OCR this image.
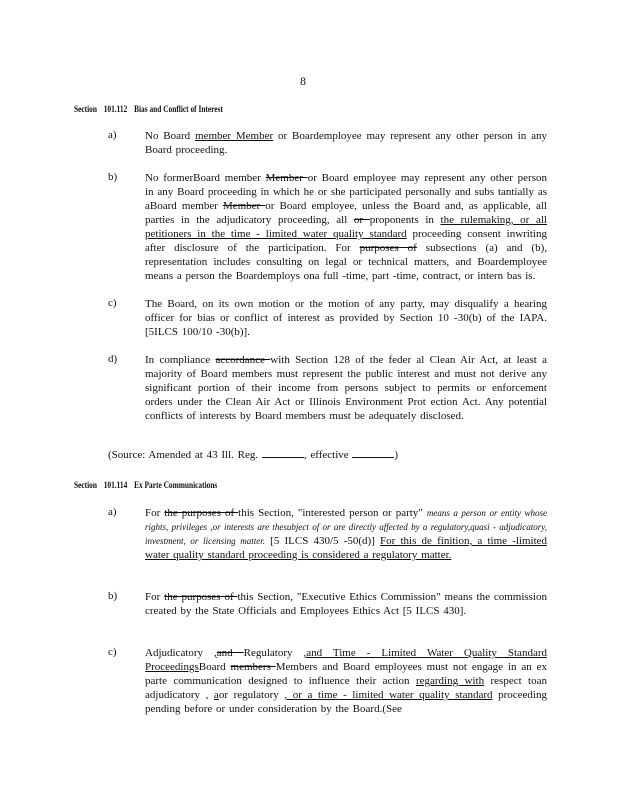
8
Section 101.112 Bias and Conflict of Interest
a)	No Board member Member or Boardemployee may represent any other person in any Board proceeding.
b)	No formerBoard member Member or Board employee may represent any other person in any Board proceeding in which he or she participated personally and subs tantially as aBoard member Member or Board employee, unless the Board and, as applicable, all parties in the adjudicatory proceeding, all or proponents in the rulemaking, or all petitioners in the time - limited water quality standard proceeding consent inwriting after disclosure of the participation. For purposes of subsections (a) and (b), representation includes consulting on legal or technical matters, and Boardemployee means a person the Boardemploys ona full -time, part -time, contract, or intern bas is.
c)	The Board, on its own motion or the motion of any party, may disqualify a hearing officer for bias or conflict of interest as provided by Section 10 -30(b) of the IAPA. [5ILCS 100/10 -30(b)].
d)	In compliance accordance with Section 128 of the feder al Clean Air Act, at least a majority of Board members must represent the public interest and must not derive any significant portion of their income from persons subject to permits or enforcement orders under the Clean Air Act or Illinois Environment Prot ection Act. Any potential conflicts of interests by Board members must be adequately disclosed.
(Source: Amended at 43 Ill. Reg.	, effective	)
Section 101.114 Ex Parte Communications
a)	For the purposes of this Section, "interested person or party" means a person or entity whose rights, privileges ,or interests are thesubject of or are directly affected by a regulatory,quasi - adjudicatory, investment, or licensing matter. [5 ILCS 430/5 -50(d)] For this de finition, a time -limited water quality standard proceeding is considered a regulatory matter.
b)	For the purposes of this Section, "Executive Ethics Commission" means the commission created by the State Officials and Employees Ethics Act [5 ILCS 430].
c)	Adjudicatory ,and Regulatory ,and Time - Limited Water Quality Standard ProceedingsBoard members Members and Board employees must not engage in an ex parte communication designed to influence their action regarding with respect toan adjudicatory , aor regulatory , or a time - limited water quality standard proceeding pending before or under consideration by the Board.(See
